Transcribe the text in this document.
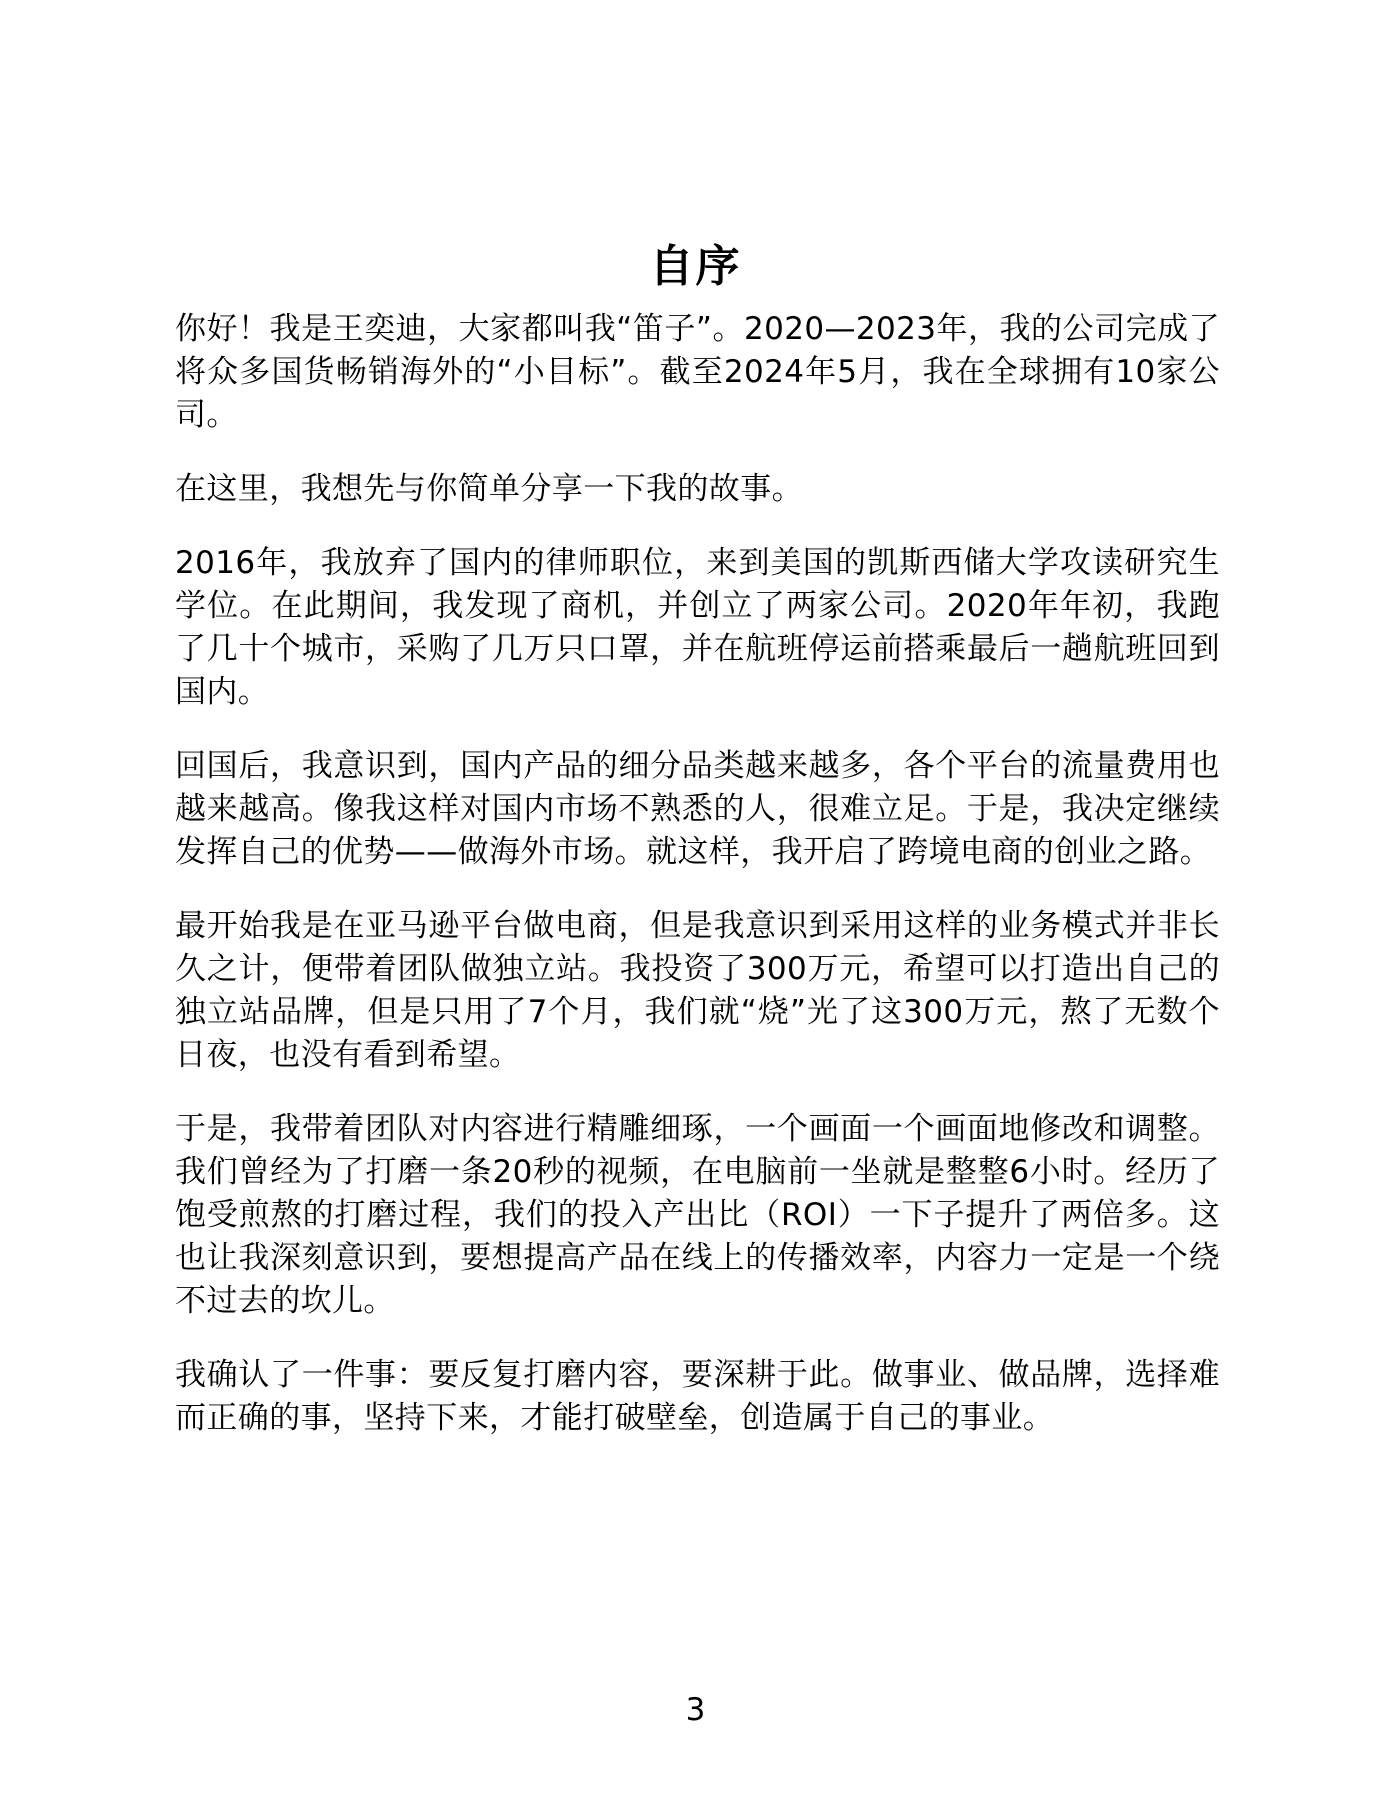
自序

你好！我是王奕迪，大家都叫我“笛子”。2020—2023年，我的公司完成了将众多国货畅销海外的“小目标”。截至2024年5月，我在全球拥有10家公司。

在这里，我想先与你简单分享一下我的故事。

2016年，我放弃了国内的律师职位，来到美国的凯斯西储大学攻读研究生学位。在此期间，我发现了商机，并创立了两家公司。2020年年初，我跑了几十个城市，采购了几万只口罩，并在航班停运前搭乘最后一趟航班回到国内。

回国后，我意识到，国内产品的细分品类越来越多，各个平台的流量费用也越来越高。像我这样对国内市场不熟悉的人，很难立足。于是，我决定继续发挥自己的优势——做海外市场。就这样，我开启了跨境电商的创业之路。

最开始我是在亚马逊平台做电商，但是我意识到采用这样的业务模式并非长久之计，便带着团队做独立站。我投资了300万元，希望可以打造出自己的独立站品牌，但是只用了7个月，我们就“烧”光了这300万元，熬了无数个日夜，也没有看到希望。

于是，我带着团队对内容进行精雕细琢，一个画面一个画面地修改和调整。我们曾经为了打磨一条20秒的视频，在电脑前一坐就是整整6小时。经历了饱受煎熬的打磨过程，我们的投入产出比（ROI）一下子提升了两倍多。这也让我深刻意识到，要想提高产品在线上的传播效率，内容力一定是一个绕不过去的坎儿。

我确认了一件事：要反复打磨内容，要深耕于此。做事业、做品牌，选择难而正确的事，坚持下来，才能打破壁垒，创造属于自己的事业。

3
